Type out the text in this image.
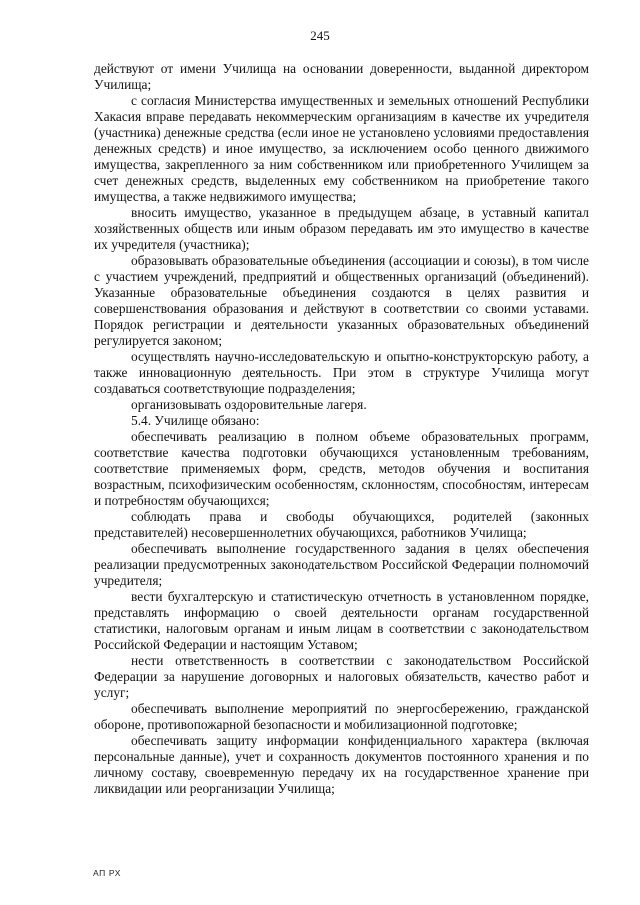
245

действуют от имени Училища на основании доверенности, выданной директором Училища;

с согласия Министерства имущественных и земельных отношений Республики Хакасия вправе передавать некоммерческим организациям в качестве их учредителя (участника) денежные средства (если иное не установлено условиями предоставления денежных средств) и иное имущество, за исключением особо ценного движимого имущества, закрепленного за ним собственником или приобретенного Училищем за счет денежных средств, выделенных ему собственником на приобретение такого имущества, а также недвижимого имущества;

вносить имущество, указанное в предыдущем абзаце, в уставный капитал хозяйственных обществ или иным образом передавать им это имущество в качестве их учредителя (участника);

образовывать образовательные объединения (ассоциации и союзы), в том числе с участием учреждений, предприятий и общественных организаций (объединений). Указанные образовательные объединения создаются в целях развития и совершенствования образования и действуют в соответствии со своими уставами. Порядок регистрации и деятельности указанных образовательных объединений регулируется законом;

осуществлять научно-исследовательскую и опытно-конструкторскую работу, а также инновационную деятельность. При этом в структуре Училища могут создаваться соответствующие подразделения;

организовывать оздоровительные лагеря.

5.4. Училище обязано:

обеспечивать реализацию в полном объеме образовательных программ, соответствие качества подготовки обучающихся установленным требованиям, соответствие применяемых форм, средств, методов обучения и воспитания возрастным, психофизическим особенностям, склонностям, способностям, интересам и потребностям обучающихся;

соблюдать права и свободы обучающихся, родителей (законных представителей) несовершеннолетних обучающихся, работников Училища;

обеспечивать выполнение государственного задания в целях обеспечения реализации предусмотренных законодательством Российской Федерации полномочий учредителя;

вести бухгалтерскую и статистическую отчетность в установленном порядке, представлять информацию о своей деятельности органам государственной статистики, налоговым органам и иным лицам в соответствии с законодательством Российской Федерации и настоящим Уставом;

нести ответственность в соответствии с законодательством Российской Федерации за нарушение договорных и налоговых обязательств, качество работ и услуг;

обеспечивать выполнение мероприятий по энергосбережению, гражданской обороне, противопожарной безопасности и мобилизационной подготовке;

обеспечивать защиту информации конфиденциального характера (включая персональные данные), учет и сохранность документов постоянного хранения и по личному составу, своевременную передачу их на государственное хранение при ликвидации или реорганизации Училища;

АП РХ
